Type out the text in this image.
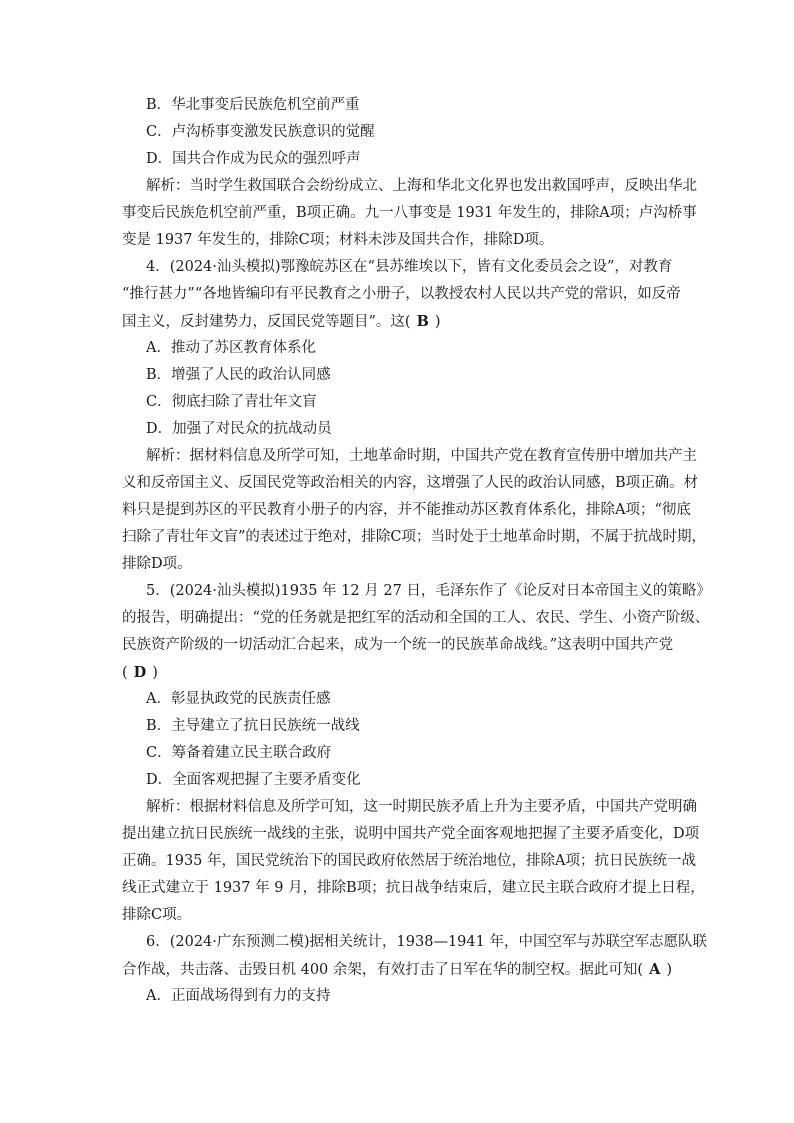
B．华北事变后民族危机空前严重
C．卢沟桥事变激发民族意识的觉醒
D．国共合作成为民众的强烈呼声
解析：当时学生救国联合会纷纷成立、上海和华北文化界也发出救国呼声，反映出华北
事变后民族危机空前严重，B项正确。九一八事变是 1931 年发生的，排除A项；卢沟桥事
变是 1937 年发生的，排除C项；材料未涉及国共合作，排除D项。
4．(2024·汕头模拟)鄂豫皖苏区在“县苏维埃以下，皆有文化委员会之设”，对教育
“推行甚力”“各地皆编印有平民教育之小册子，以教授农村人民以共产党的常识，如反帝
国主义，反封建势力，反国民党等题目”。这( B )
A．推动了苏区教育体系化
B．增强了人民的政治认同感
C．彻底扫除了青壮年文盲
D．加强了对民众的抗战动员
解析：据材料信息及所学可知，土地革命时期，中国共产党在教育宣传册中增加共产主
义和反帝国主义、反国民党等政治相关的内容，这增强了人民的政治认同感，B项正确。材
料只是提到苏区的平民教育小册子的内容，并不能推动苏区教育体系化，排除A项；“彻底
扫除了青壮年文盲”的表述过于绝对，排除C项；当时处于土地革命时期，不属于抗战时期，
排除D项。
5．(2024·汕头模拟)1935 年 12 月 27 日，毛泽东作了《论反对日本帝国主义的策略》
的报告，明确提出：“党的任务就是把红军的活动和全国的工人、农民、学生、小资产阶级、
民族资产阶级的一切活动汇合起来，成为一个统一的民族革命战线。”这表明中国共产党
( D )
A．彰显执政党的民族责任感
B．主导建立了抗日民族统一战线
C．筹备着建立民主联合政府
D．全面客观把握了主要矛盾变化
解析：根据材料信息及所学可知，这一时期民族矛盾上升为主要矛盾，中国共产党明确
提出建立抗日民族统一战线的主张，说明中国共产党全面客观地把握了主要矛盾变化，D项
正确。1935 年，国民党统治下的国民政府依然居于统治地位，排除A项；抗日民族统一战
线正式建立于 1937 年 9 月，排除B项；抗日战争结束后，建立民主联合政府才提上日程，
排除C项。
6．(2024·广东预测二模)据相关统计，1938—1941 年，中国空军与苏联空军志愿队联
合作战，共击落、击毁日机 400 余架，有效打击了日军在华的制空权。据此可知( A )
A．正面战场得到有力的支持
